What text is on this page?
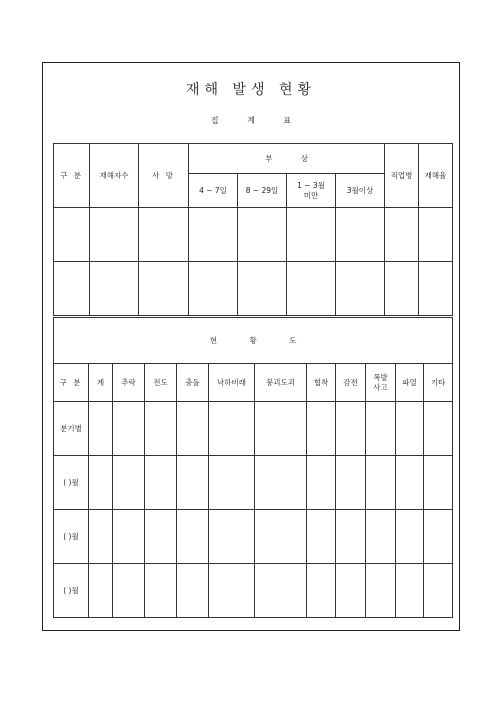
재해 발생 현황
집 계 표
구 분	재해자수	사 망	부 상				직업병	재해율
			4 ~ 7일	8 ~ 29일	1 ~ 3월 미만	3월이상		

현 황 도											
구 분	계	추락	전도	충돌	낙하비래	붕괴도괴	협착	감전	폭발사고	파열	기타
분기별											
( )월											
( )월											
( )월											
